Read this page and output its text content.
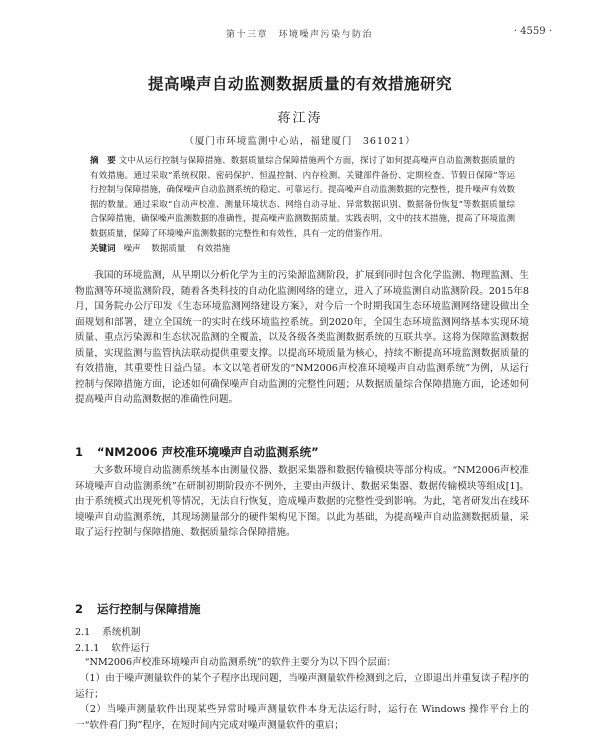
第十三章　环境噪声污染与防治	· 4559 ·
提高噪声自动监测数据质量的有效措施研究
蒋江涛
（厦门市环境监测中心站，福建厦门　361021）
摘　要 文中从运行控制与保障措施、数据质量综合保障措施两个方面，探讨了如何提高噪声自动监测数据质量的有效措施。通过采取“系统权限、密码保护、恒温控制、内存检测、关键部件备份、定期检查、节假日保障”等运行控制与保障措施，确保噪声自动监测系统的稳定、可靠运行。提高噪声自动监测数据的完整性，提升噪声有效数据的数量。通过采取“自动声校准、测量环境状态、网络自动寻址、异常数据识别、数据备份恢复”等数据质量综合保障措施，确保噪声监测数据的准确性，提高噪声监测数据质量。实践表明，文中的技术措施，提高了环境监测数据质量，保障了环境噪声监测数据的完整性和有效性，具有一定的借鉴作用。
关键词 噪声 数据质量 有效措施

我国的环境监测，从早期以分析化学为主的污染源监测阶段，扩展到同时包含化学监测、物理监测、生物监测等环境监测阶段，随着各类科技的自动化监测网络的建立，进入了环境监测自动监测阶段。2015年8月，国务院办公厅印发《生态环境监测网络建设方案》，对今后一个时期我国生态环境监测网络建设做出全面规划和部署，建立全国统一的实时在线环境监控系统。到2020年，全国生态环境监测网络基本实现环境质量、重点污染源和生态状况监测的全覆盖，以及各级各类监测数据系统的互联共享。这将为保障监测数据质量，实现监测与监管执法联动提供重要支撑。以提高环境质量为核心，持续不断提高环境监测数据质量的有效措施，其重要性日益凸显。本文以笔者研发的“NM2006声校准环境噪声自动监测系统”为例，从运行控制与保障措施方面，论述如何确保噪声自动监测的完整性问题；从数据质量综合保障措施方面，论述如何提高噪声自动监测数据的准确性问题。

1 “NM2006 声校准环境噪声自动监测系统”

大多数环境自动监测系统基本由测量仪器、数据采集器和数据传输模块等部分构成。“NM2006声校准环境噪声自动监测系统”在研制初期阶段亦不例外，主要由声级计、数据采集器、数据传输模块等组成[1]。由于系统模式出现死机等情况，无法自行恢复，造成噪声数据的完整性受到影响。为此，笔者研发出在线环境噪声自动监测系统，其现场测量部分的硬件架构见下图。以此为基础，为提高噪声自动监测数据质量，采取了运行控制与保障措施、数据质量综合保障措施。

2 运行控制与保障措施
2.1 系统机制
2.1.1 软件运行
“NM2006声校准环境噪声自动监测系统”的软件主要分为以下四个层面：
（1）由于噪声测量软件的某个子程序出现问题，当噪声测量软件检测到之后，立即退出并重复读子程序的运行；
（2）当噪声测量软件出现某些异常时噪声测量软件本身无法运行时，运行在 Windows 操作平台上的一“软件看门狗”程序，在短时间内完成对噪声测量软件的重启；
